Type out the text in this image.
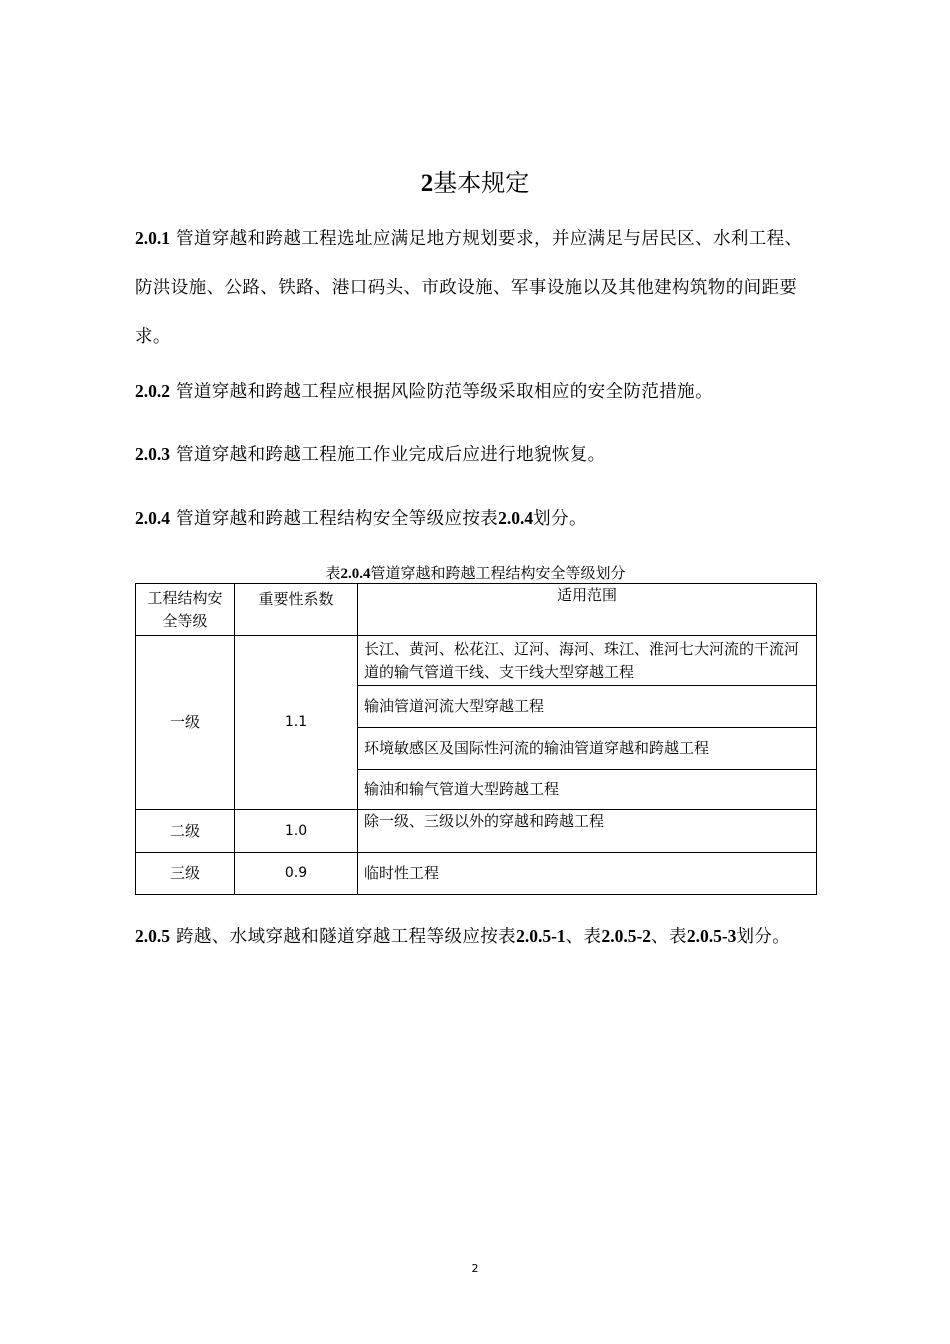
2基本规定
2.0.1 管道穿越和跨越工程选址应满足地方规划要求，并应满足与居民区、水利工程、防洪设施、公路、铁路、港口码头、市政设施、军事设施以及其他建构筑物的间距要求。
2.0.2 管道穿越和跨越工程应根据风险防范等级采取相应的安全防范措施。
2.0.3 管道穿越和跨越工程施工作业完成后应进行地貌恢复。
2.0.4 管道穿越和跨越工程结构安全等级应按表2.0.4划分。
表2.0.4管道穿越和跨越工程结构安全等级划分
工程结构安全等级	重要性系数	适用范围
一级	1.1	长江、黄河、松花江、辽河、海河、珠江、淮河七大河流的干流河道的输气管道干线、支干线大型穿越工程
		输油管道河流大型穿越工程
		环境敏感区及国际性河流的输油管道穿越和跨越工程
		输油和输气管道大型跨越工程
二级	1.0	除一级、三级以外的穿越和跨越工程
三级	0.9	临时性工程
2.0.5 跨越、水域穿越和隧道穿越工程等级应按表2.0.5-1、表2.0.5-2、表2.0.5-3划分。
2
